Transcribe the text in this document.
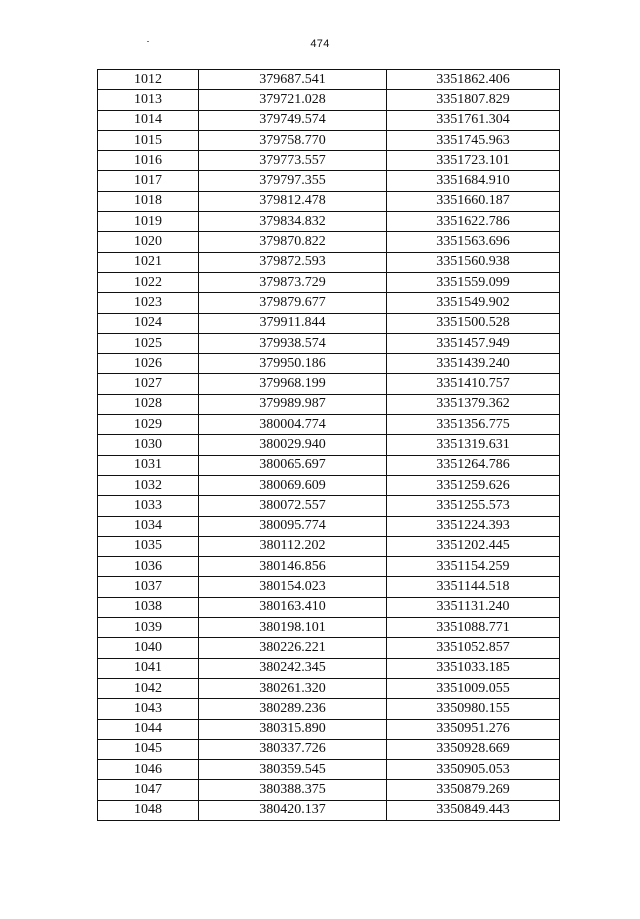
474
1012	379687.541	3351862.406
1013	379721.028	3351807.829
1014	379749.574	3351761.304
1015	379758.770	3351745.963
1016	379773.557	3351723.101
1017	379797.355	3351684.910
1018	379812.478	3351660.187
1019	379834.832	3351622.786
1020	379870.822	3351563.696
1021	379872.593	3351560.938
1022	379873.729	3351559.099
1023	379879.677	3351549.902
1024	379911.844	3351500.528
1025	379938.574	3351457.949
1026	379950.186	3351439.240
1027	379968.199	3351410.757
1028	379989.987	3351379.362
1029	380004.774	3351356.775
1030	380029.940	3351319.631
1031	380065.697	3351264.786
1032	380069.609	3351259.626
1033	380072.557	3351255.573
1034	380095.774	3351224.393
1035	380112.202	3351202.445
1036	380146.856	3351154.259
1037	380154.023	3351144.518
1038	380163.410	3351131.240
1039	380198.101	3351088.771
1040	380226.221	3351052.857
1041	380242.345	3351033.185
1042	380261.320	3351009.055
1043	380289.236	3350980.155
1044	380315.890	3350951.276
1045	380337.726	3350928.669
1046	380359.545	3350905.053
1047	380388.375	3350879.269
1048	380420.137	3350849.443
